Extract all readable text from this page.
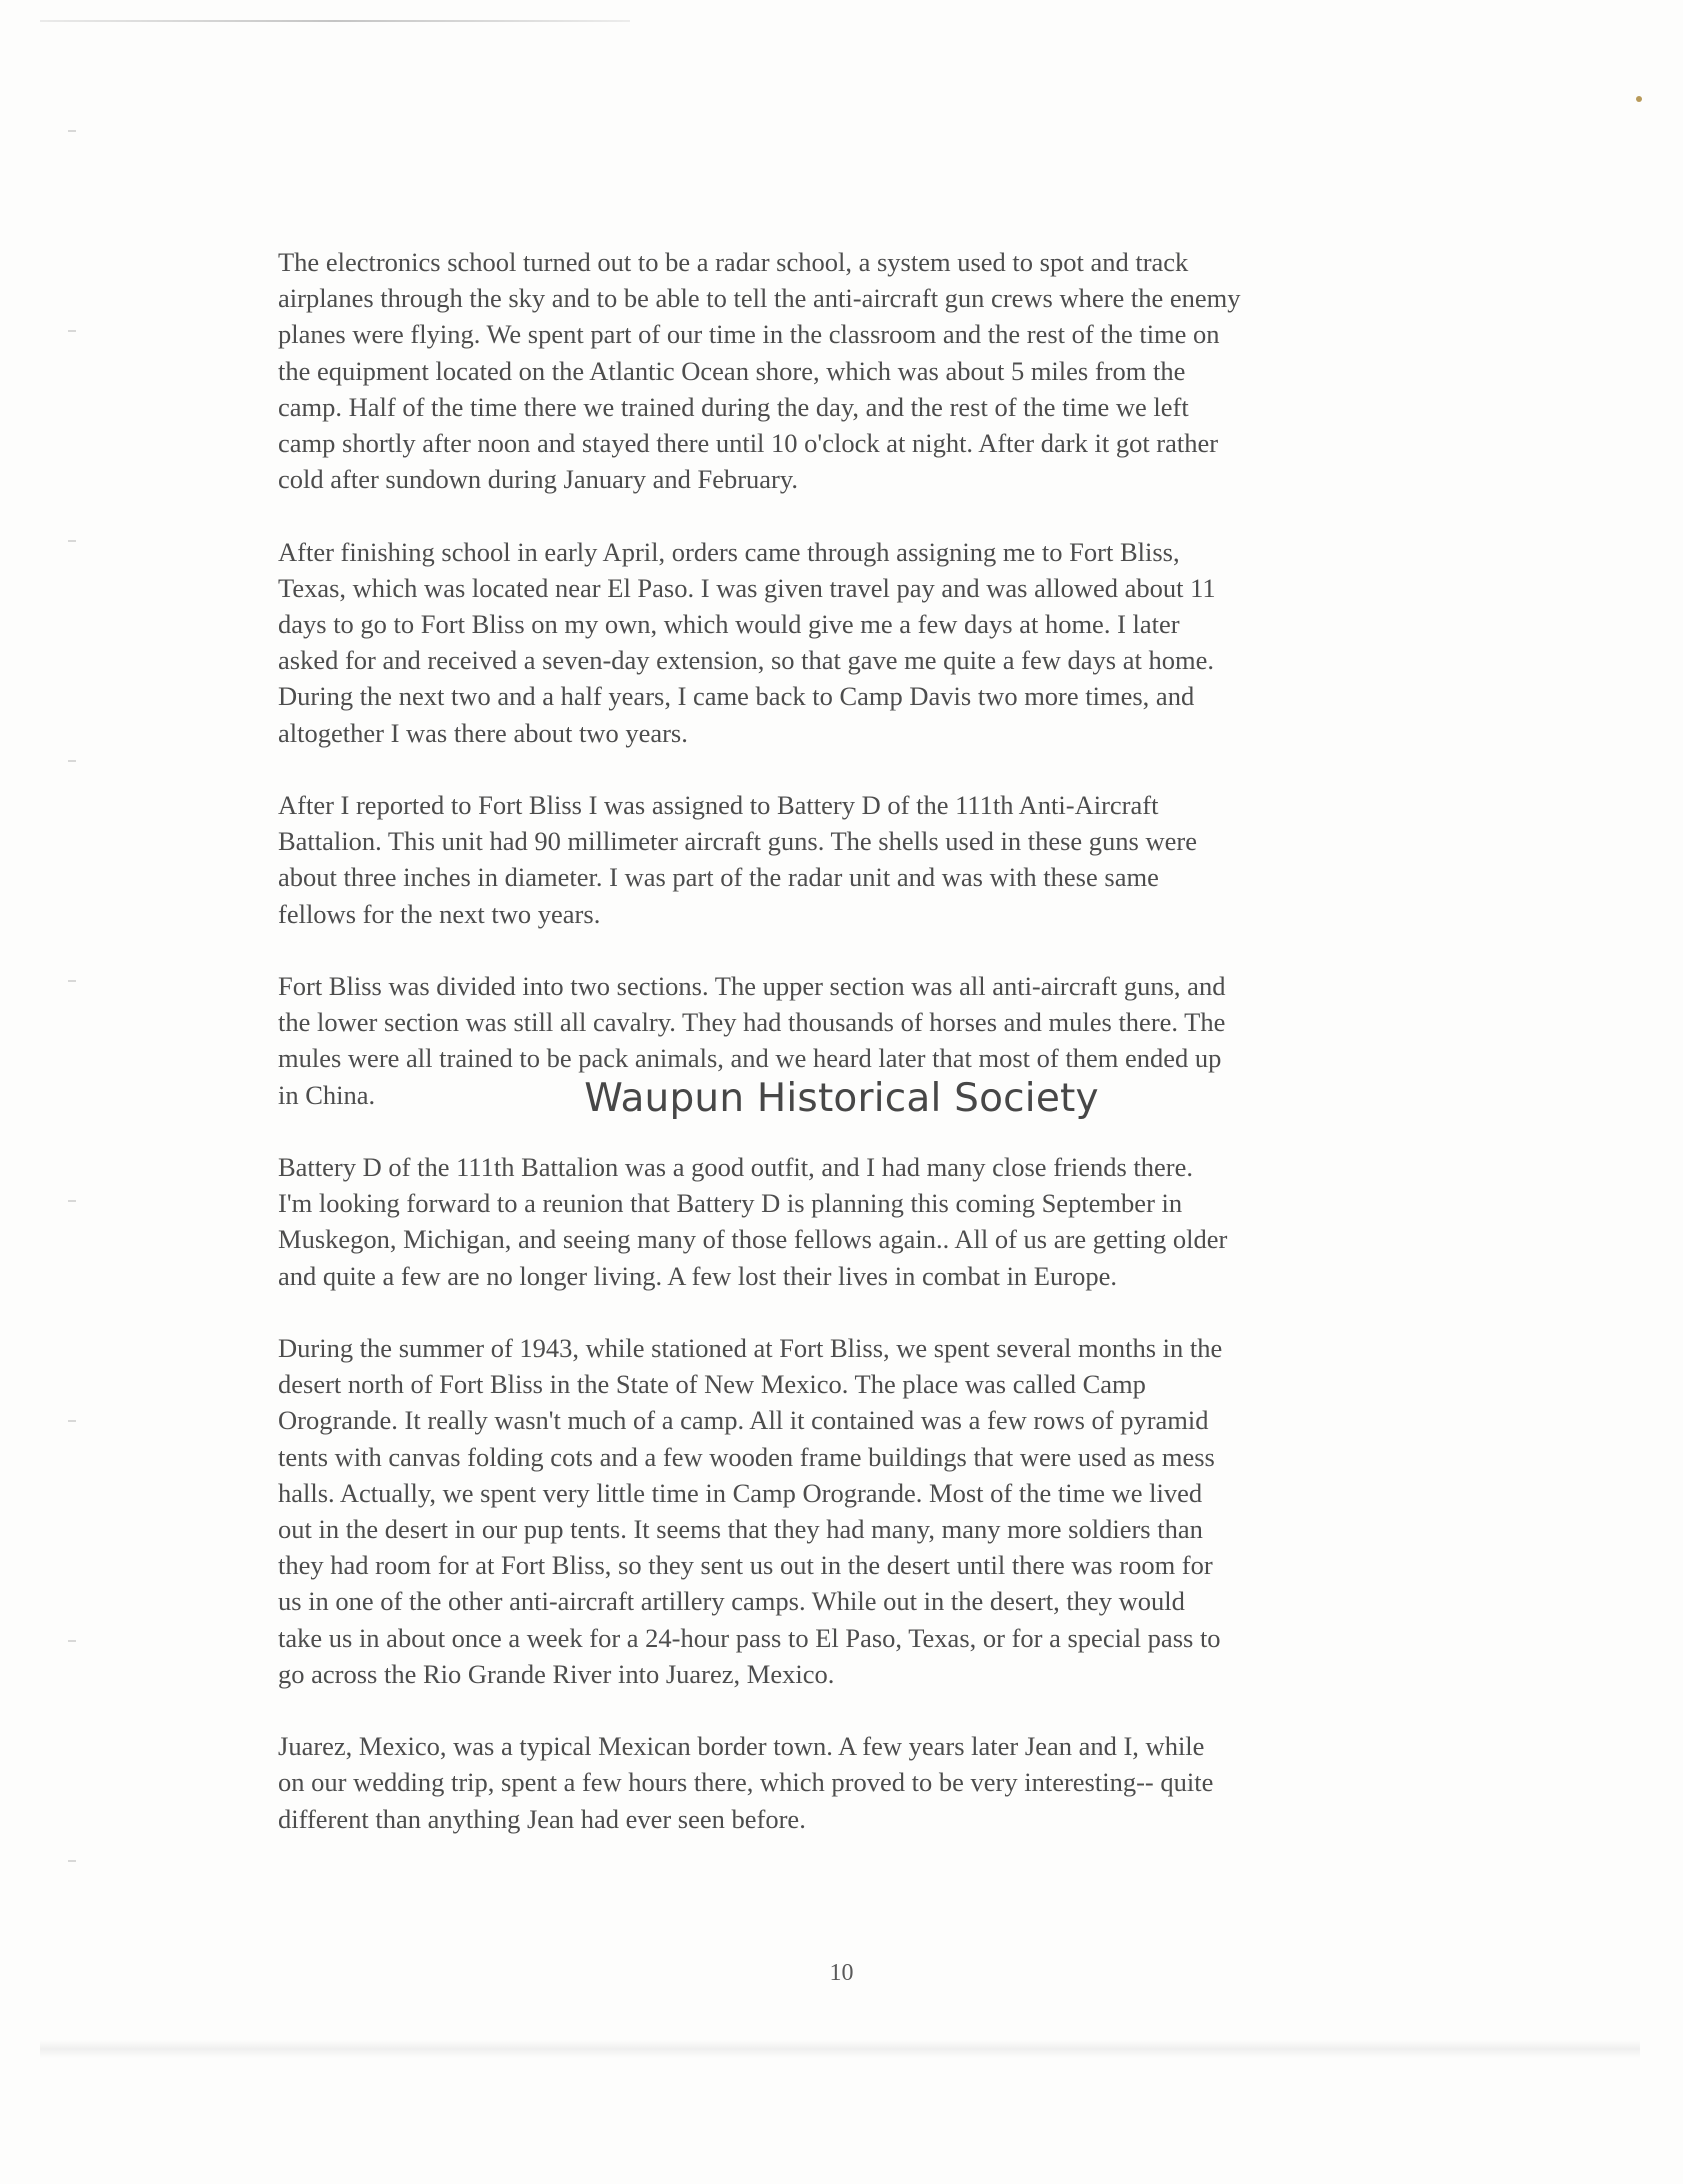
The electronics school turned out to be a radar school, a system used to spot and track
airplanes through the sky and to be able to tell the anti-aircraft gun crews where the enemy
planes were flying. We spent part of our time in the classroom and the rest of the time on
the equipment located on the Atlantic Ocean shore, which was about 5 miles from the
camp. Half of the time there we trained during the day, and the rest of the time we left
camp shortly after noon and stayed there until 10 o'clock at night. After dark it got rather
cold after sundown during January and February.

After finishing school in early April, orders came through assigning me to Fort Bliss,
Texas, which was located near El Paso. I was given travel pay and was allowed about 11
days to go to Fort Bliss on my own, which would give me a few days at home. I later
asked for and received a seven-day extension, so that gave me quite a few days at home.
During the next two and a half years, I came back to Camp Davis two more times, and
altogether I was there about two years.

After I reported to Fort Bliss I was assigned to Battery D of the 111th Anti-Aircraft
Battalion. This unit had 90 millimeter aircraft guns. The shells used in these guns were
about three inches in diameter. I was part of the radar unit and was with these same
fellows for the next two years.

Fort Bliss was divided into two sections. The upper section was all anti-aircraft guns, and
the lower section was still all cavalry. They had thousands of horses and mules there. The
mules were all trained to be pack animals, and we heard later that most of them ended up
in China.

Battery D of the 111th Battalion was a good outfit, and I had many close friends there.
I'm looking forward to a reunion that Battery D is planning this coming September in
Muskegon, Michigan, and seeing many of those fellows again.. All of us are getting older
and quite a few are no longer living. A few lost their lives in combat in Europe.

During the summer of 1943, while stationed at Fort Bliss, we spent several months in the
desert north of Fort Bliss in the State of New Mexico. The place was called Camp
Orogrande. It really wasn't much of a camp. All it contained was a few rows of pyramid
tents with canvas folding cots and a few wooden frame buildings that were used as mess
halls. Actually, we spent very little time in Camp Orogrande. Most of the time we lived
out in the desert in our pup tents. It seems that they had many, many more soldiers than
they had room for at Fort Bliss, so they sent us out in the desert until there was room for
us in one of the other anti-aircraft artillery camps. While out in the desert, they would
take us in about once a week for a 24-hour pass to El Paso, Texas, or for a special pass to
go across the Rio Grande River into Juarez, Mexico.

Juarez, Mexico, was a typical Mexican border town. A few years later Jean and I, while
on our wedding trip, spent a few hours there, which proved to be very interesting-- quite
different than anything Jean had ever seen before.

Waupun Historical Society
10
